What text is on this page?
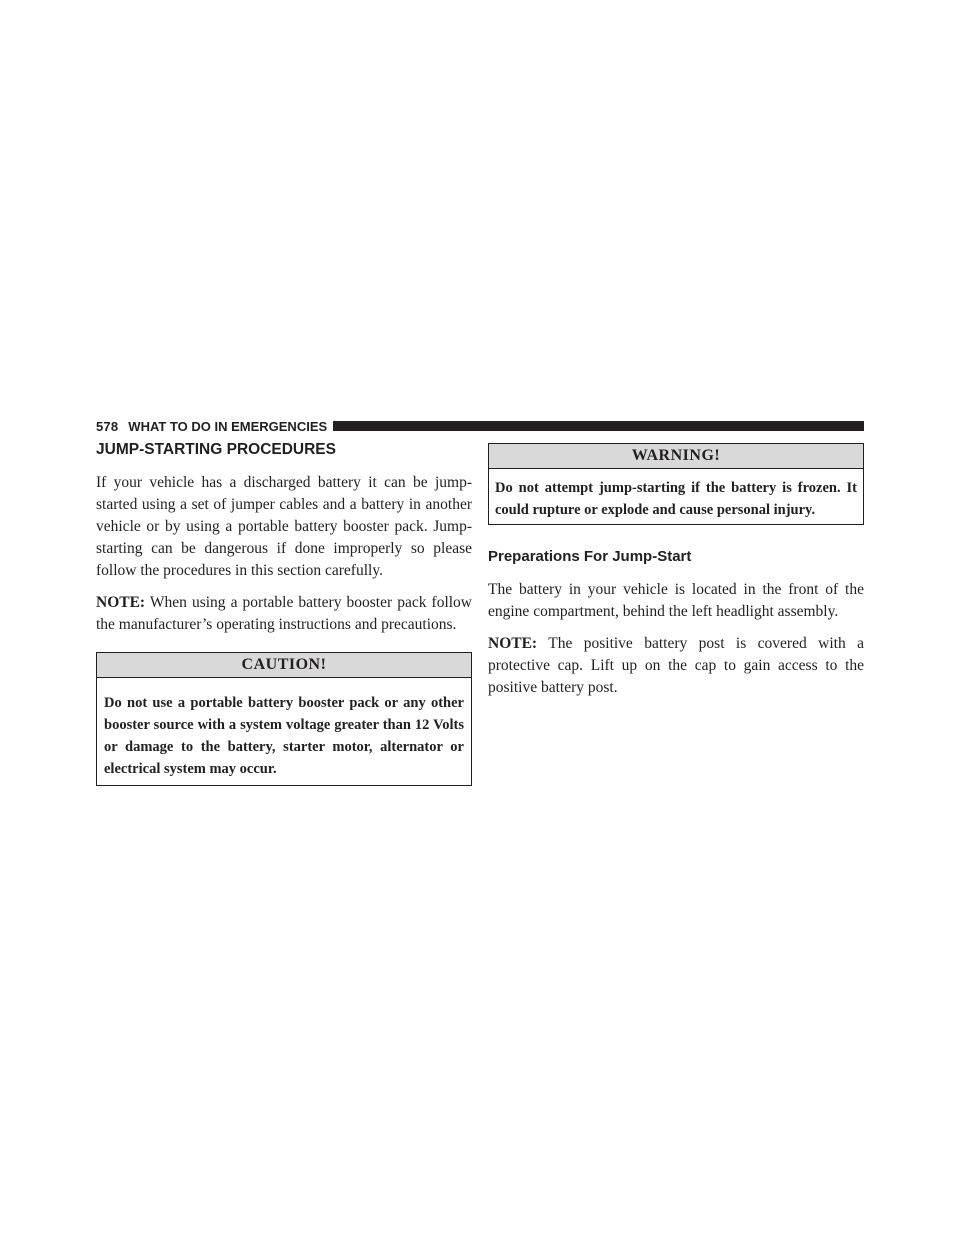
578 WHAT TO DO IN EMERGENCIES
JUMP-STARTING PROCEDURES

If your vehicle has a discharged battery it can be jump-started using a set of jumper cables and a battery in another vehicle or by using a portable battery booster pack. Jump-starting can be dangerous if done improperly so please follow the procedures in this section carefully.

NOTE: When using a portable battery booster pack follow the manufacturer’s operating instructions and precautions.

CAUTION!
Do not use a portable battery booster pack or any other booster source with a system voltage greater than 12 Volts or damage to the battery, starter motor, alternator or electrical system may occur.
WARNING!
Do not attempt jump-starting if the battery is frozen. It could rupture or explode and cause personal injury.
Preparations For Jump-Start

The battery in your vehicle is located in the front of the engine compartment, behind the left headlight assembly.

NOTE: The positive battery post is covered with a protective cap. Lift up on the cap to gain access to the positive battery post.
